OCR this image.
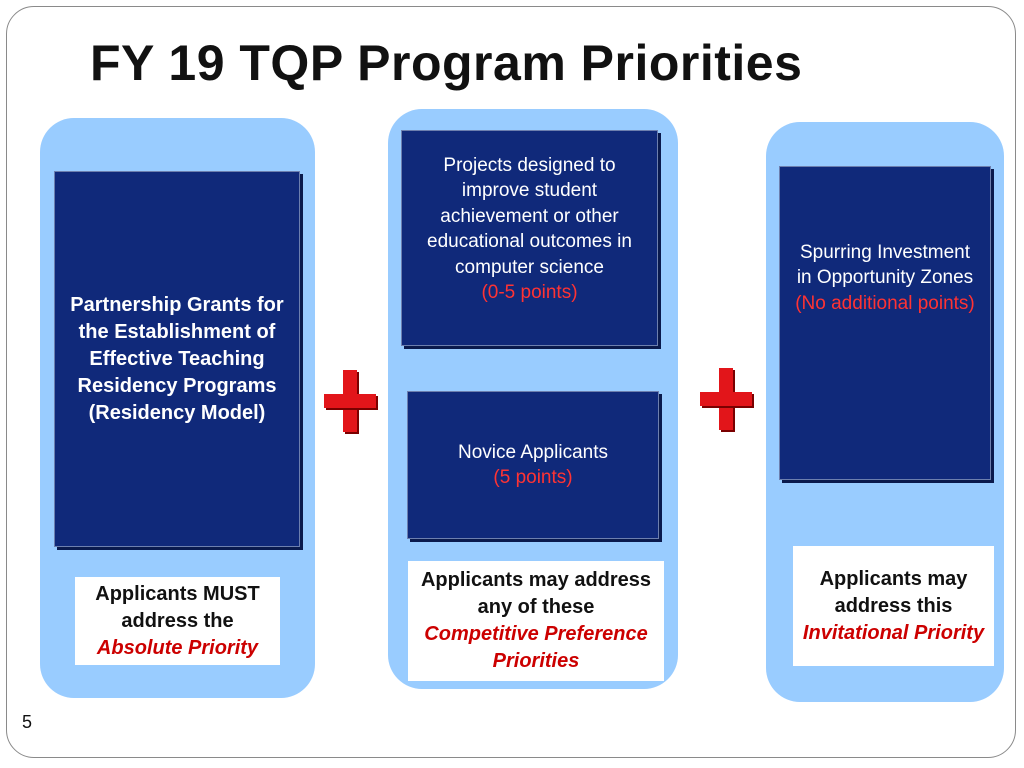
FY 19 TQP Program Priorities
Partnership Grants for the Establishment of Effective Teaching Residency Programs (Residency Model)
Applicants MUST address the
Absolute Priority
Projects designed to improve student achievement or other educational outcomes in computer science
(0-5 points)
Novice Applicants
(5 points)
Applicants may address any of these
Competitive Preference Priorities
Spurring Investment in Opportunity Zones
(No additional points)
Applicants may address this
Invitational Priority
5
